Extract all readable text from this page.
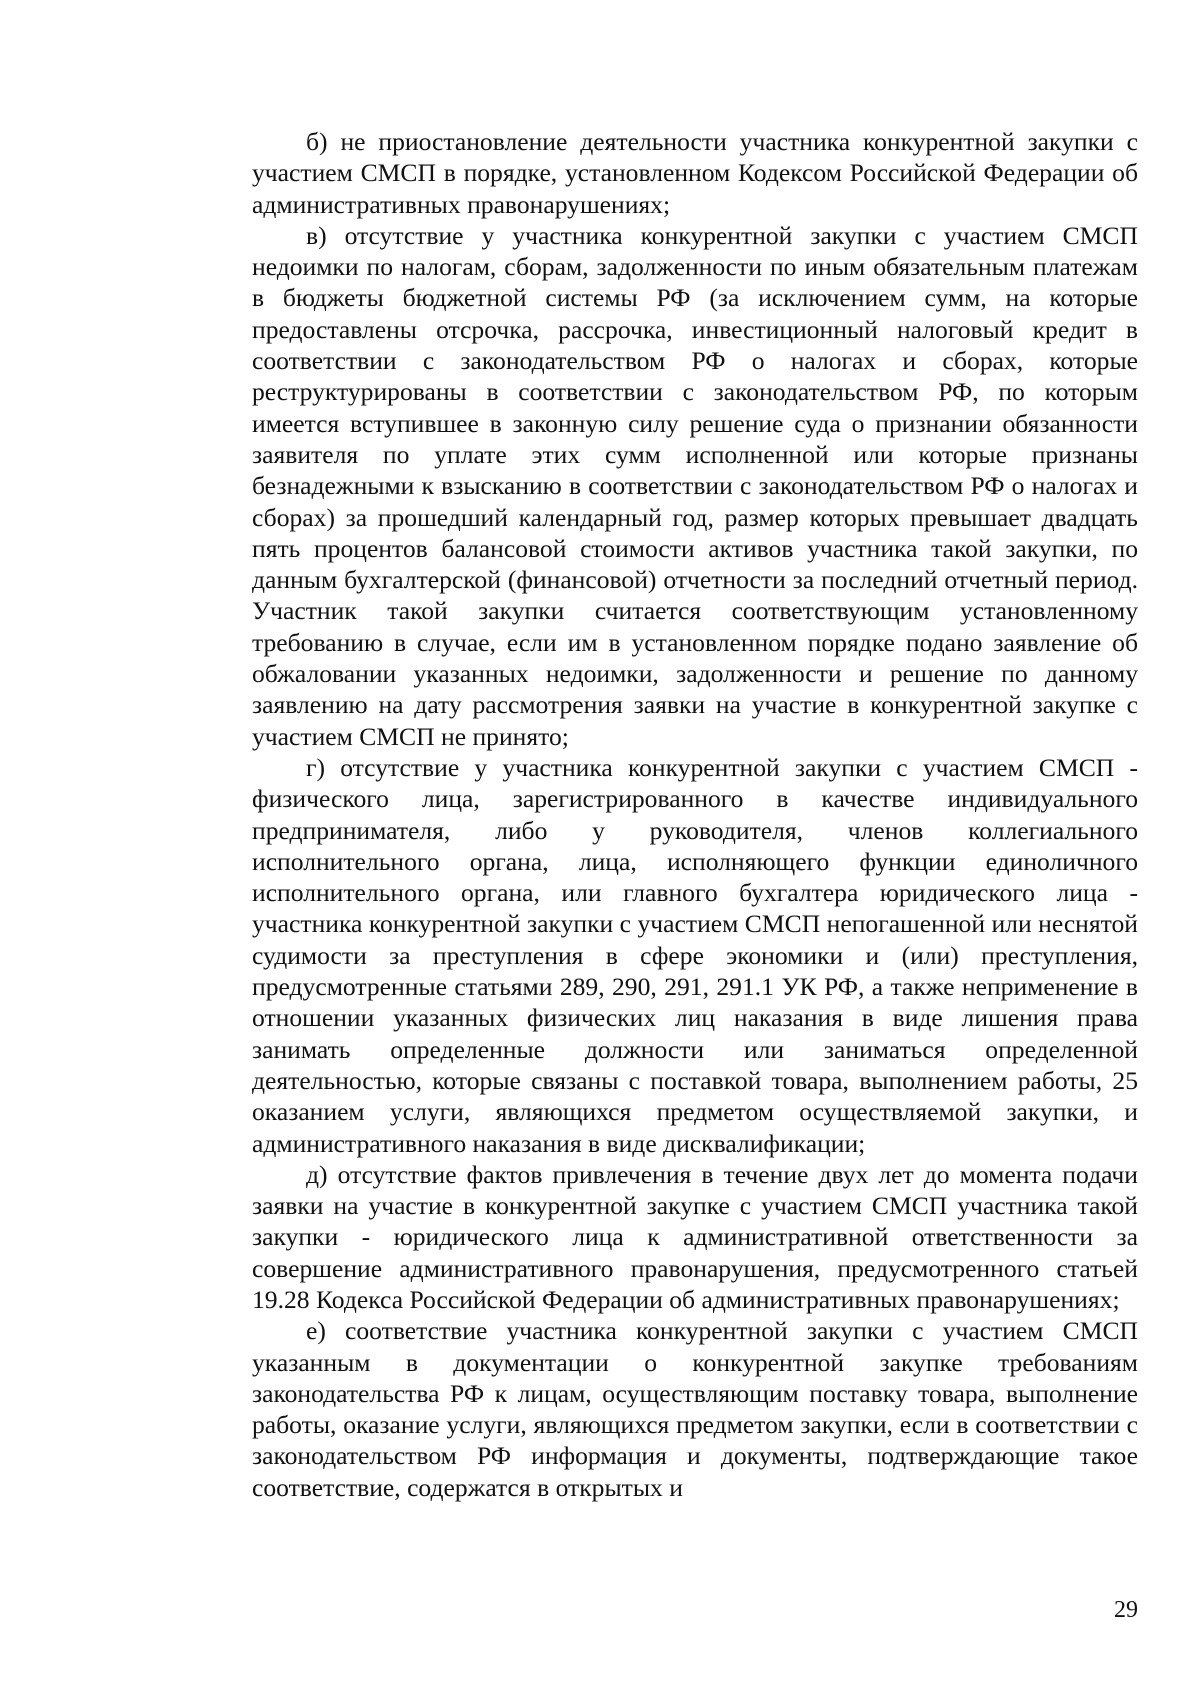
б) не приостановление деятельности участника конкурентной закупки с участием СМСП в порядке, установленном Кодексом Российской Федерации об административных правонарушениях;

в) отсутствие у участника конкурентной закупки с участием СМСП недоимки по налогам, сборам, задолженности по иным обязательным платежам в бюджеты бюджетной системы РФ (за исключением сумм, на которые предоставлены отсрочка, рассрочка, инвестиционный налоговый кредит в соответствии с законодательством РФ о налогах и сборах, которые реструктурированы в соответствии с законодательством РФ, по которым имеется вступившее в законную силу решение суда о признании обязанности заявителя по уплате этих сумм исполненной или которые признаны безнадежными к взысканию в соответствии с законодательством РФ о налогах и сборах) за прошедший календарный год, размер которых превышает двадцать пять процентов балансовой стоимости активов участника такой закупки, по данным бухгалтерской (финансовой) отчетности за последний отчетный период. Участник такой закупки считается соответствующим установленному требованию в случае, если им в установленном порядке подано заявление об обжаловании указанных недоимки, задолженности и решение по данному заявлению на дату рассмотрения заявки на участие в конкурентной закупке с участием СМСП не принято;

г) отсутствие у участника конкурентной закупки с участием СМСП - физического лица, зарегистрированного в качестве индивидуального предпринимателя, либо у руководителя, членов коллегиального исполнительного органа, лица, исполняющего функции единоличного исполнительного органа, или главного бухгалтера юридического лица - участника конкурентной закупки с участием СМСП непогашенной или неснятой судимости за преступления в сфере экономики и (или) преступления, предусмотренные статьями 289, 290, 291, 291.1 УК РФ, а также неприменение в отношении указанных физических лиц наказания в виде лишения права занимать определенные должности или заниматься определенной деятельностью, которые связаны с поставкой товара, выполнением работы, 25 оказанием услуги, являющихся предметом осуществляемой закупки, и административного наказания в виде дисквалификации;

д) отсутствие фактов привлечения в течение двух лет до момента подачи заявки на участие в конкурентной закупке с участием СМСП участника такой закупки - юридического лица к административной ответственности за совершение административного правонарушения, предусмотренного статьей 19.28 Кодекса Российской Федерации об административных правонарушениях;

е) соответствие участника конкурентной закупки с участием СМСП указанным в документации о конкурентной закупке требованиям законодательства РФ к лицам, осуществляющим поставку товара, выполнение работы, оказание услуги, являющихся предметом закупки, если в соответствии с законодательством РФ информация и документы, подтверждающие такое соответствие, содержатся в открытых и

29
